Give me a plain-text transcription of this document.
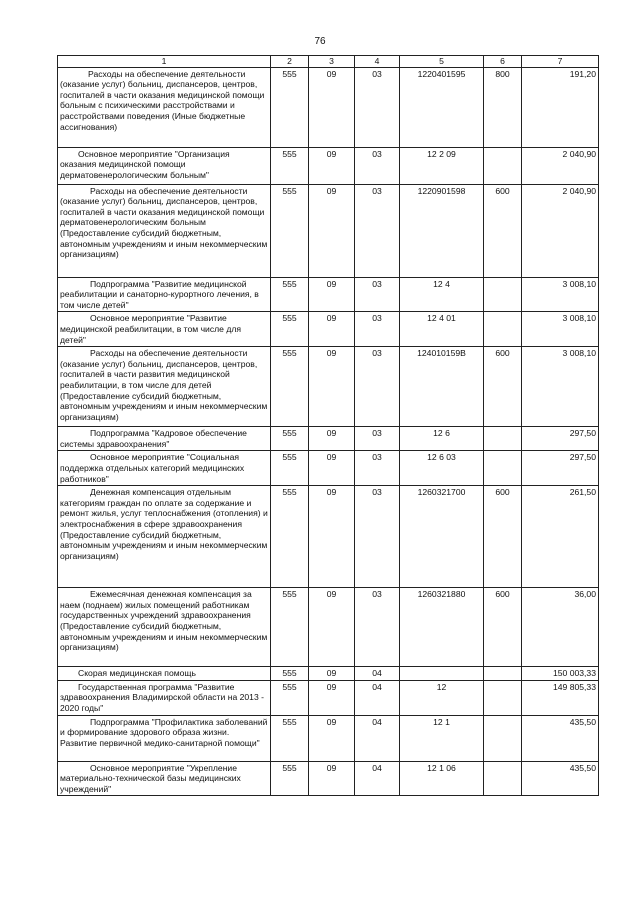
76
1	2	3	4	5	6	7
Расходы на обеспечение деятельности (оказание услуг) больниц, диспансеров, центров, госпиталей в части оказания медицинской помощи больным с психическими расстройствами и расстройствами поведения (Иные бюджетные ассигнования)	555	09	03	1220401595	800	191,20
Основное мероприятие "Организация оказания медицинской помощи дерматовенерологическим больным"	555	09	03	12 2 09		2 040,90
Расходы на обеспечение деятельности (оказание услуг) больниц, диспансеров, центров, госпиталей в части оказания медицинской помощи дерматовенерологическим больным (Предоставление субсидий бюджетным, автономным учреждениям и иным некоммерческим организациям)	555	09	03	1220901598	600	2 040,90
Подпрограмма "Развитие медицинской реабилитации и санаторно-курортного лечения, в том числе детей"	555	09	03	12 4		3 008,10
Основное мероприятие "Развитие медицинской реабилитации, в том числе для детей"	555	09	03	12 4 01		3 008,10
Расходы на обеспечение деятельности (оказание услуг) больниц, диспансеров, центров, госпиталей в части развития медицинской реабилитации, в том числе для детей (Предоставление субсидий бюджетным, автономным учреждениям и иным некоммерческим организациям)	555	09	03	124010159B	600	3 008,10
Подпрограмма "Кадровое обеспечение системы здравоохранения"	555	09	03	12 6		297,50
Основное мероприятие "Социальная поддержка отдельных категорий медицинских работников"	555	09	03	12 6 03		297,50
Денежная компенсация отдельным категориям граждан по оплате за содержание и ремонт жилья, услуг теплоснабжения (отопления) и электроснабжения в сфере здравоохранения (Предоставление субсидий бюджетным, автономным учреждениям и иным некоммерческим организациям)	555	09	03	1260321700	600	261,50
Ежемесячная денежная компенсация за наем (поднаем) жилых помещений работникам государственных учреждений здравоохранения (Предоставление субсидий бюджетным, автономным учреждениям и иным некоммерческим организациям)	555	09	03	1260321880	600	36,00
Скорая медицинская помощь	555	09	04			150 003,33
Государственная программа "Развитие здравоохранения Владимирской области на 2013 - 2020 годы"	555	09	04	12		149 805,33
Подпрограмма "Профилактика заболеваний и формирование здорового образа жизни. Развитие первичной медико-санитарной помощи"	555	09	04	12 1		435,50
Основное мероприятие "Укрепление материально-технической базы медицинских учреждений"	555	09	04	12 1 06		435,50
